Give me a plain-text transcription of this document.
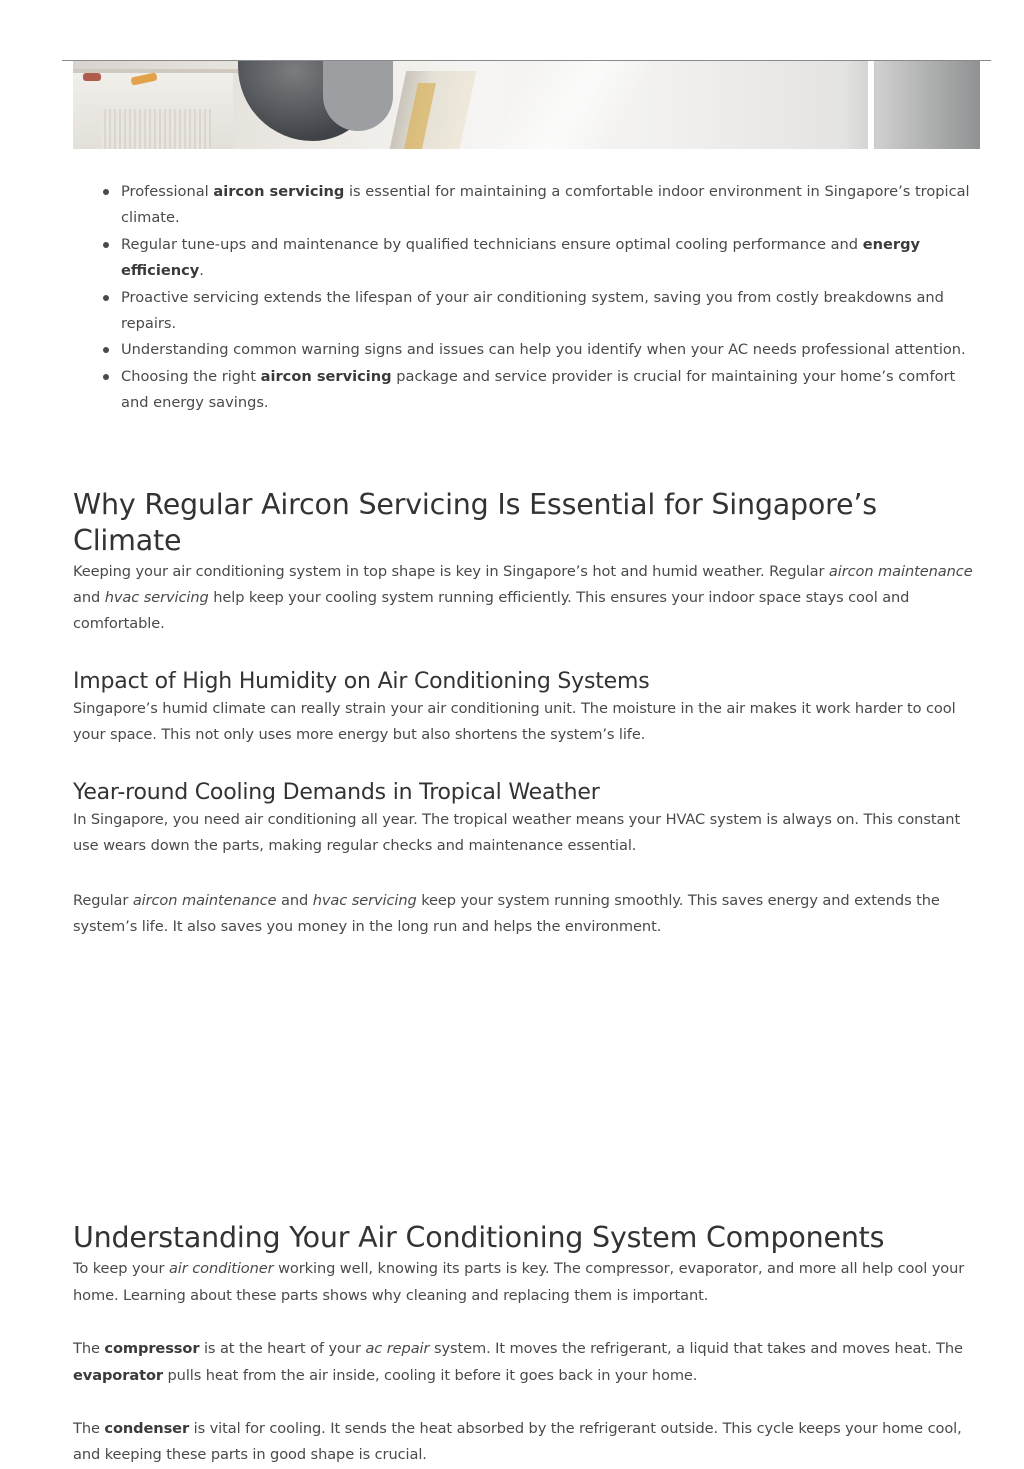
Professional aircon servicing is essential for maintaining a comfortable indoor environment in Singapore’s tropical climate.
Regular tune-ups and maintenance by qualified technicians ensure optimal cooling performance and energy efficiency.
Proactive servicing extends the lifespan of your air conditioning system, saving you from costly breakdowns and repairs.
Understanding common warning signs and issues can help you identify when your AC needs professional attention.
Choosing the right aircon servicing package and service provider is crucial for maintaining your home’s comfort and energy savings.
Why Regular Aircon Servicing Is Essential for Singapore’s Climate

Keeping your air conditioning system in top shape is key in Singapore’s hot and humid weather. Regular aircon maintenance and hvac servicing help keep your cooling system running efficiently. This ensures your indoor space stays cool and comfortable.

Impact of High Humidity on Air Conditioning Systems

Singapore’s humid climate can really strain your air conditioning unit. The moisture in the air makes it work harder to cool your space. This not only uses more energy but also shortens the system’s life.

Year-round Cooling Demands in Tropical Weather

In Singapore, you need air conditioning all year. The tropical weather means your HVAC system is always on. This constant use wears down the parts, making regular checks and maintenance essential.

Regular aircon maintenance and hvac servicing keep your system running smoothly. This saves energy and extends the system’s life. It also saves you money in the long run and helps the environment.

Understanding Your Air Conditioning System Components

To keep your air conditioner working well, knowing its parts is key. The compressor, evaporator, and more all help cool your home. Learning about these parts shows why cleaning and replacing them is important.

The compressor is at the heart of your ac repair system. It moves the refrigerant, a liquid that takes and moves heat. The evaporator pulls heat from the air inside, cooling it before it goes back in your home.

The condenser is vital for cooling. It sends the heat absorbed by the refrigerant outside. This cycle keeps your home cool, and keeping these parts in good shape is crucial.
